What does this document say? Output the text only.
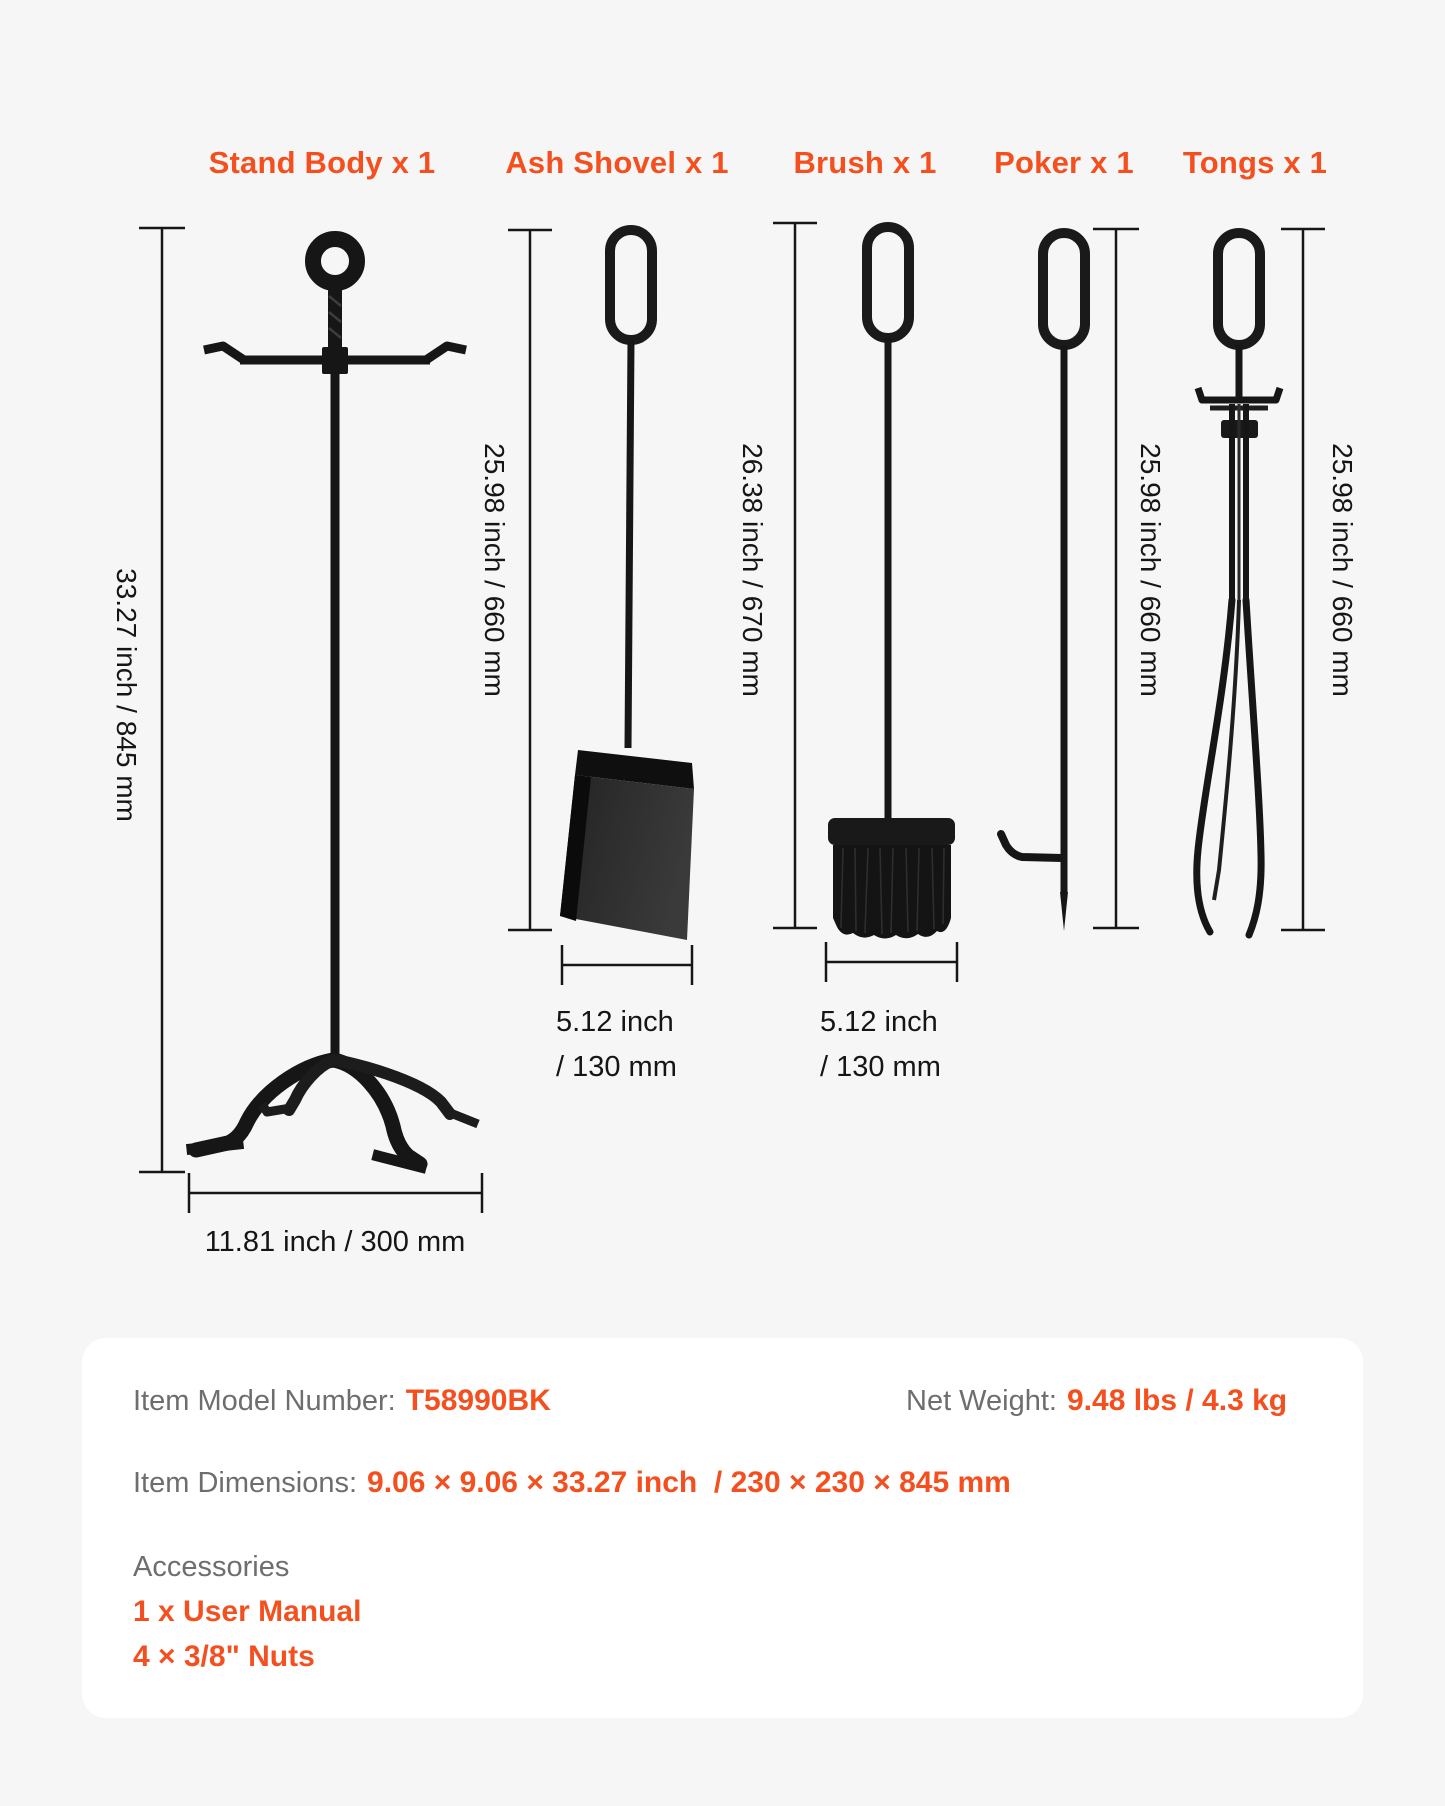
Stand Body x 1	Ash Shovel x 1	Brush x 1	Poker x 1	Tongs x 1
33.27 inch / 845 mm	25.98 inch / 660 mm	26.38 inch / 670 mm	25.98 inch / 660 mm	25.98 inch / 660 mm
11.81 inch / 300 mm
5.12 inch
/ 130 mm
5.12 inch
/ 130 mm
Item Model Number: T58990BK	Net Weight: 9.48 lbs / 4.3 kg
Item Dimensions: 9.06 × 9.06 × 33.27 inch  / 230 × 230 × 845 mm
Accessories
1 x User Manual
4 × 3/8" Nuts
